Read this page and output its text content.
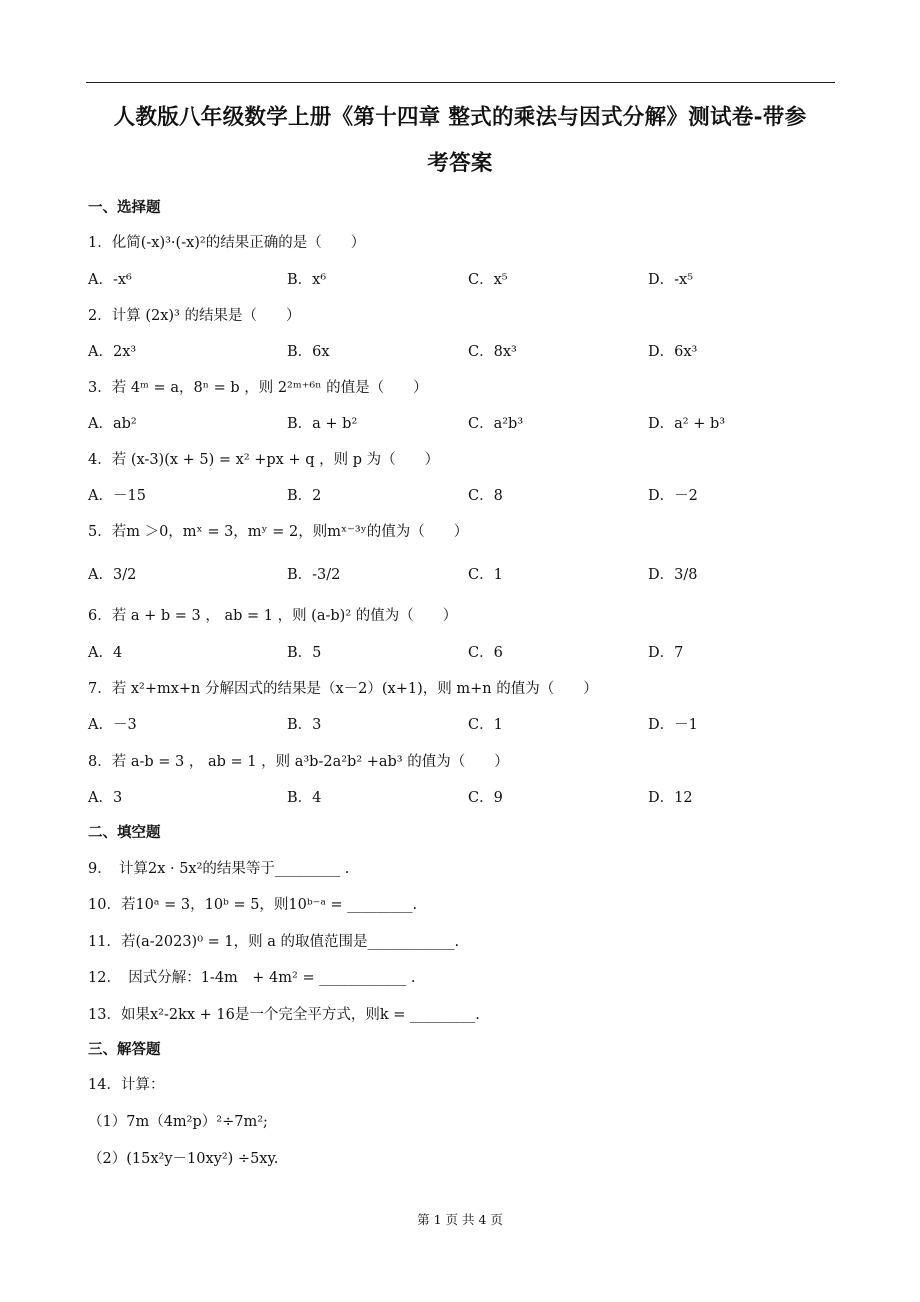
人教版八年级数学上册《第十四章 整式的乘法与因式分解》测试卷-带参
考答案
一、选择题
1．化简(-x)³·(-x)²的结果正确的是（　　）
A．-x⁶	B．x⁶	C．x⁵	D．-x⁵
2．计算 (2x)³ 的结果是（　　）
A．2x³	B．6x	C．8x³	D．6x³
3．若 4ᵐ = a，8ⁿ = b ，则 2²ᵐ⁺⁶ⁿ 的值是（　　）
A．ab²	B．a + b²	C．a²b³	D．a² + b³
4．若 (x-3)(x + 5) = x² +px + q ，则 p 为（　　）
A．－15	B．2	C．8	D．－2
5．若m ＞0，mˣ = 3，mʸ = 2，则mˣ⁻³ʸ的值为（　　）
A．3/2	B．-3/2	C．1	D．3/8
6．若 a + b = 3 ， ab = 1 ，则 (a-b)² 的值为（　　）
A．4	B．5	C．6	D．7
7．若 x²+mx+n 分解因式的结果是（x－2）(x+1)，则 m+n 的值为（　　）
A．－3	B．3	C．1	D．－1
8．若 a-b = 3 ， ab = 1 ，则 a³b-2a²b² +ab³ 的值为（　　）
A．3	B．4	C．9	D．12
二、填空题
9．　计算2x · 5x²的结果等于_________ .
10．若10ᵃ = 3，10ᵇ = 5，则10ᵇ⁻ᵃ = _________.
11．若(a-2023)⁰ = 1，则 a 的取值范围是____________.
12．　因式分解：1-4m　+ 4m² = ____________ .
13．如果x²-2kx + 16是一个完全平方式，则k = _________.
三、解答题
14．计算：
（1）7m（4m²p）²÷7m²;
（2）(15x²y－10xy²) ÷5xy.
第 1 页 共 4 页
